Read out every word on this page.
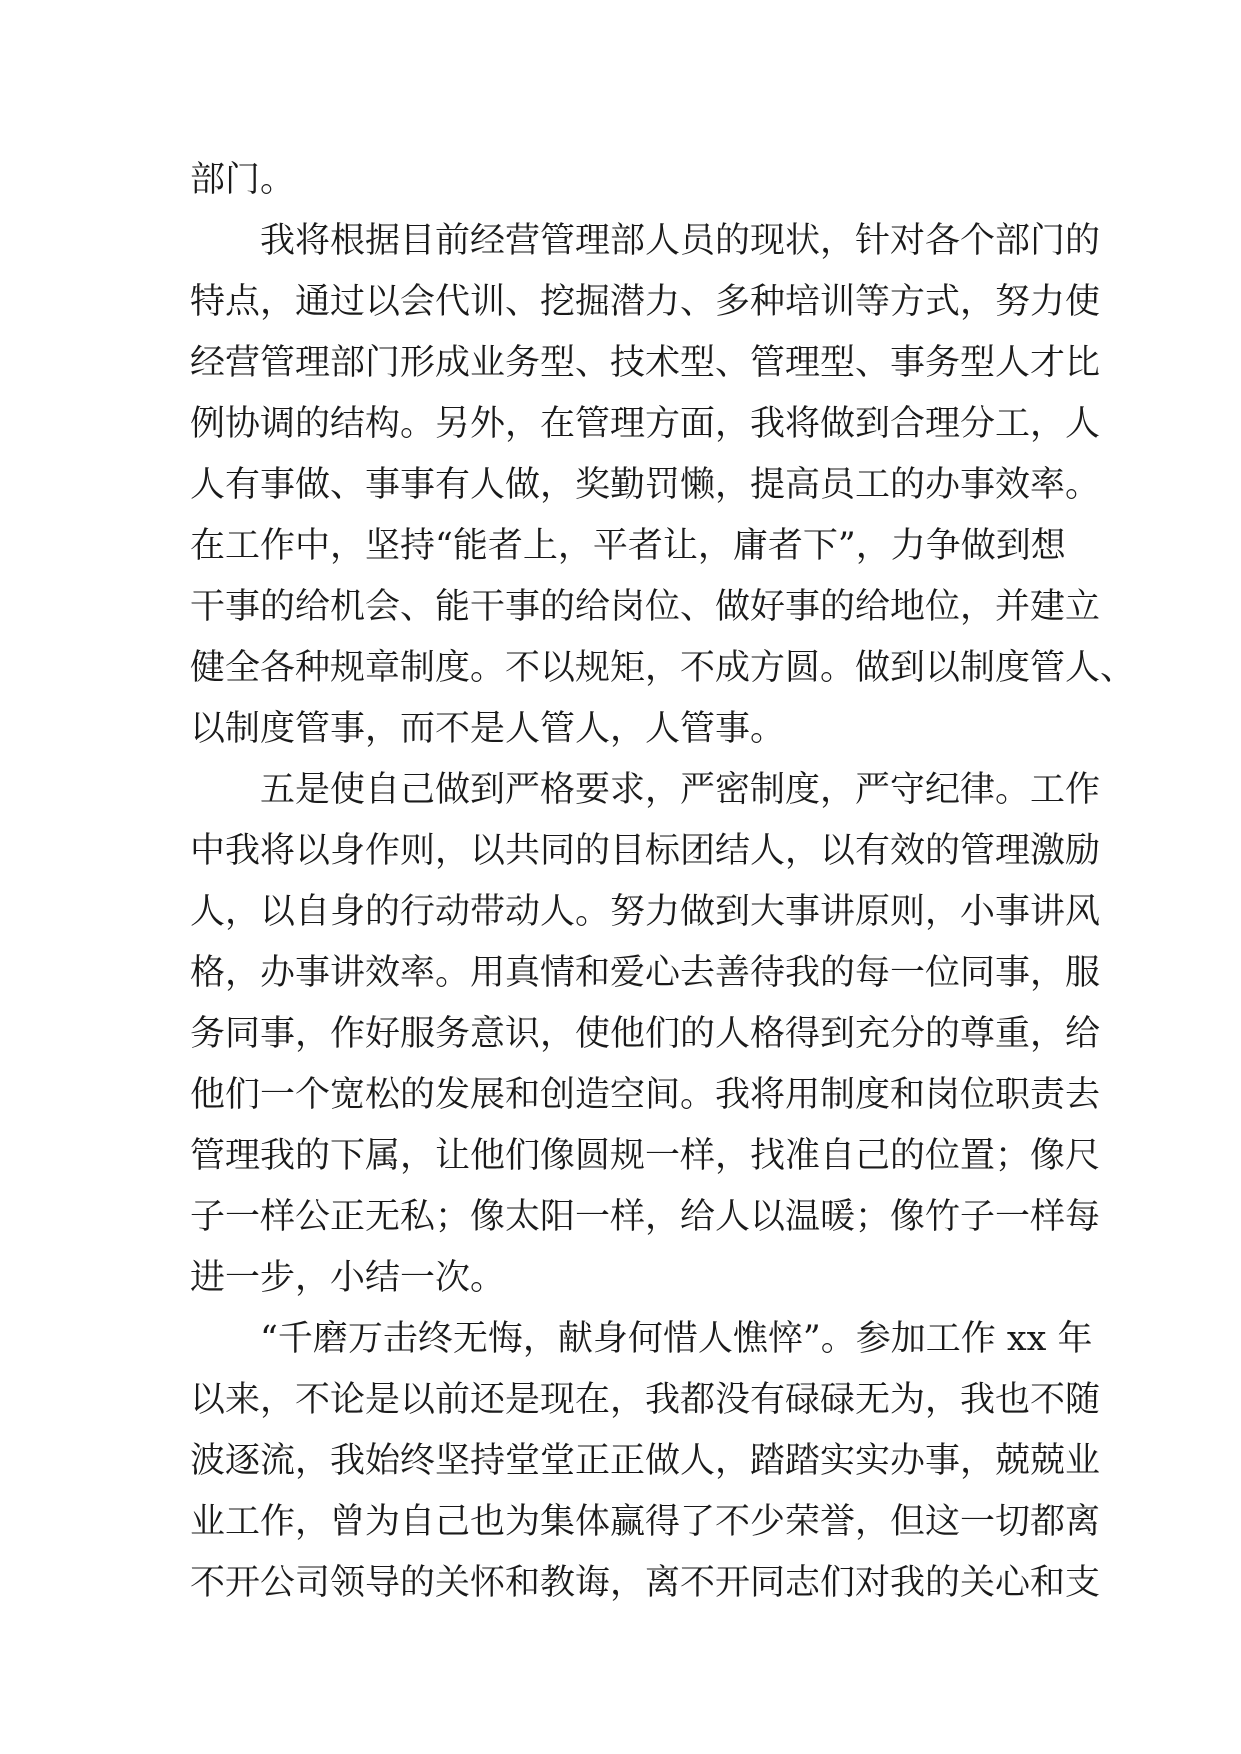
部门。
我将根据目前经营管理部人员的现状，针对各个部门的
特点，通过以会代训、挖掘潜力、多种培训等方式，努力使
经营管理部门形成业务型、技术型、管理型、事务型人才比
例协调的结构。另外，在管理方面，我将做到合理分工，人
人有事做、事事有人做，奖勤罚懒，提高员工的办事效率。
在工作中，坚持“能者上，平者让，庸者下”，力争做到想
干事的给机会、能干事的给岗位、做好事的给地位，并建立
健全各种规章制度。不以规矩，不成方圆。做到以制度管人、
以制度管事，而不是人管人，人管事。
五是使自己做到严格要求，严密制度，严守纪律。工作
中我将以身作则，以共同的目标团结人，以有效的管理激励
人，以自身的行动带动人。努力做到大事讲原则，小事讲风
格，办事讲效率。用真情和爱心去善待我的每一位同事，服
务同事，作好服务意识，使他们的人格得到充分的尊重，给
他们一个宽松的发展和创造空间。我将用制度和岗位职责去
管理我的下属，让他们像圆规一样，找准自己的位置；像尺
子一样公正无私；像太阳一样，给人以温暖；像竹子一样每
进一步，小结一次。
“千磨万击终无悔，献身何惜人憔悴”。参加工作 xx 年
以来，不论是以前还是现在，我都没有碌碌无为，我也不随
波逐流，我始终坚持堂堂正正做人，踏踏实实办事，兢兢业
业工作，曾为自己也为集体赢得了不少荣誉，但这一切都离
不开公司领导的关怀和教诲，离不开同志们对我的关心和支
